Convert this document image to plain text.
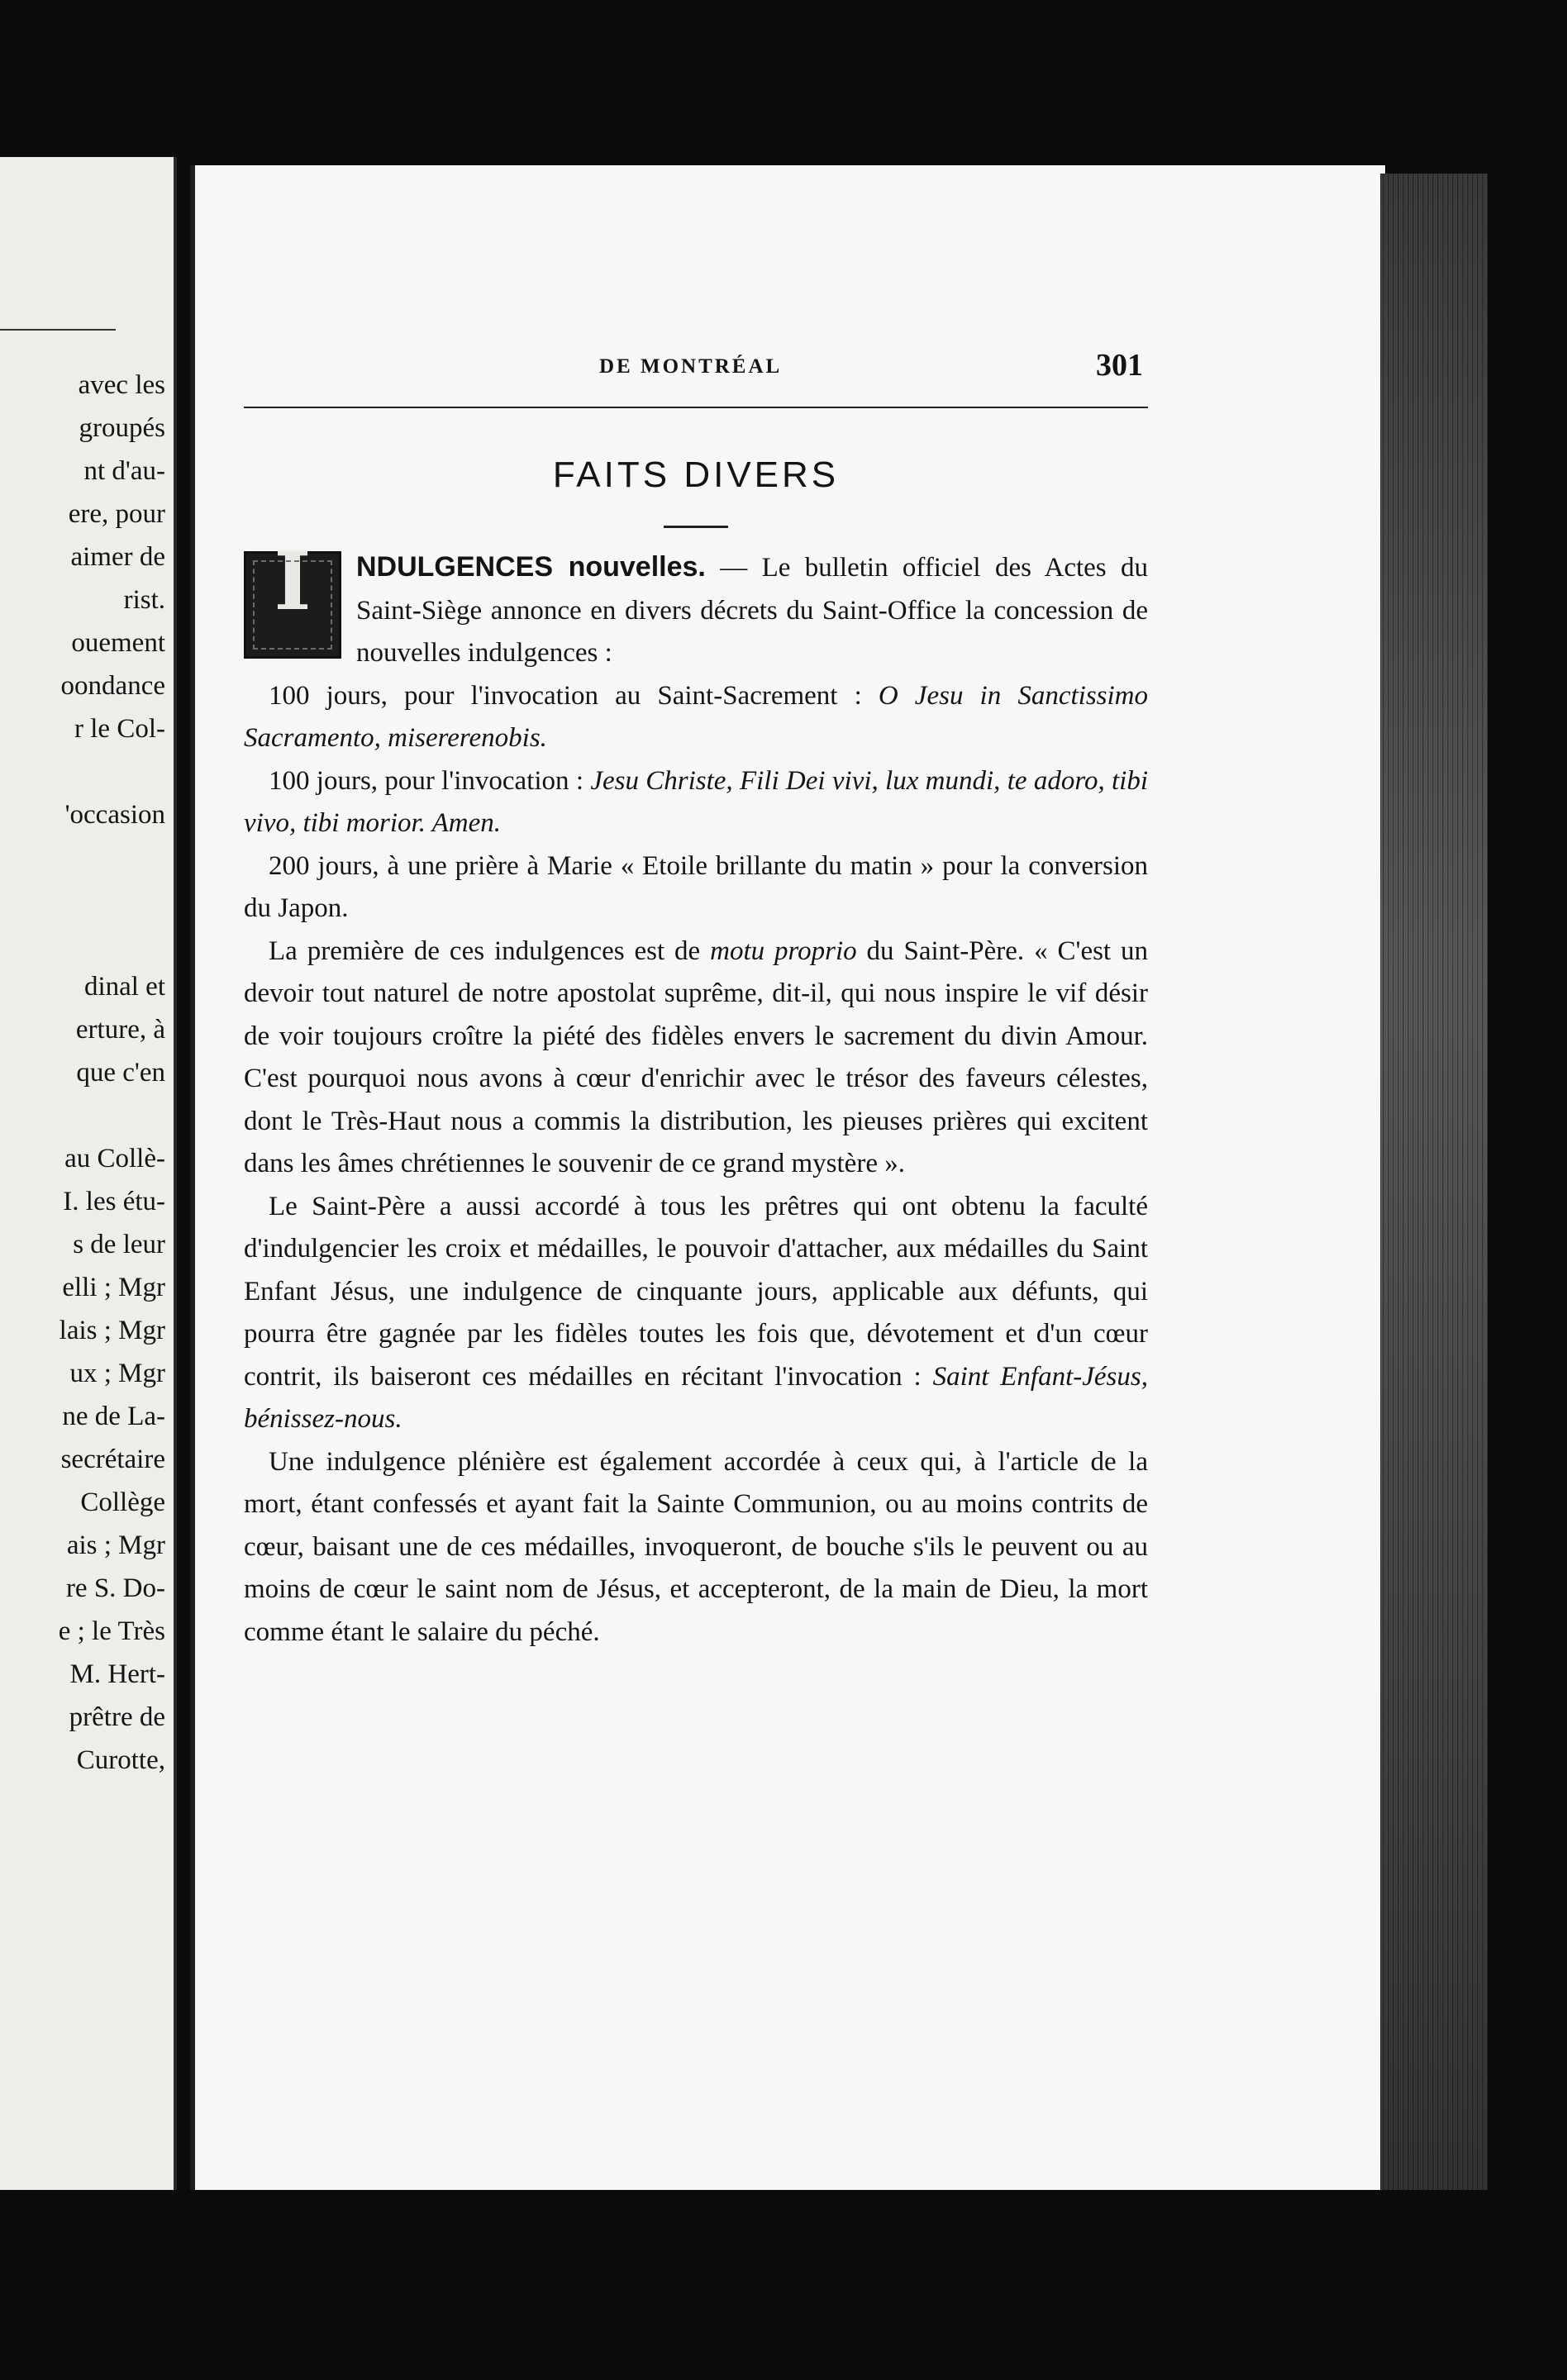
avec les
groupés
nt d'au-
ere, pour
aimer de
rist.
ouement
oondance
r le Col-
'occasion
dinal et
erture, à
que c'en
au Collè-
I. les étu-
s de leur
elli ; Mgr
lais ; Mgr
ux ; Mgr
ne de La-
secrétaire
Collège
ais ; Mgr
re S. Do-
e ; le Très
M. Hert-
prêtre de
Curotte,
DE MONTRÉAL	301
FAITS DIVERS
I	NDULGENCES nouvelles. — Le bulletin officiel des Actes du Saint-Siège annonce en divers décrets du Saint-Office la concession de nouvelles indulgences :

100 jours, pour l'invocation au Saint-Sacrement : O Jesu in Sanctissimo Sacramento, misererenobis.

100 jours, pour l'invocation : Jesu Christe, Fili Dei vivi, lux mundi, te adoro, tibi vivo, tibi morior. Amen.

200 jours, à une prière à Marie « Etoile brillante du matin » pour la conversion du Japon.

La première de ces indulgences est de motu proprio du Saint-Père. « C'est un devoir tout naturel de notre apostolat suprême, dit-il, qui nous inspire le vif désir de voir toujours croître la piété des fidèles envers le sacrement du divin Amour. C'est pourquoi nous avons à cœur d'enrichir avec le trésor des faveurs célestes, dont le Très-Haut nous a commis la distribution, les pieuses prières qui excitent dans les âmes chrétiennes le souvenir de ce grand mystère ».

Le Saint-Père a aussi accordé à tous les prêtres qui ont obtenu la faculté d'indulgencier les croix et médailles, le pouvoir d'attacher, aux médailles du Saint Enfant Jésus, une indulgence de cinquante jours, applicable aux défunts, qui pourra être gagnée par les fidèles toutes les fois que, dévotement et d'un cœur contrit, ils baiseront ces médailles en récitant l'invocation : Saint Enfant-Jésus, bénissez-nous.

Une indulgence plénière est également accordée à ceux qui, à l'article de la mort, étant confessés et ayant fait la Sainte Communion, ou au moins contrits de cœur, baisant une de ces médailles, invoqueront, de bouche s'ils le peuvent ou au moins de cœur le saint nom de Jésus, et accepteront, de la main de Dieu, la mort comme étant le salaire du péché.
